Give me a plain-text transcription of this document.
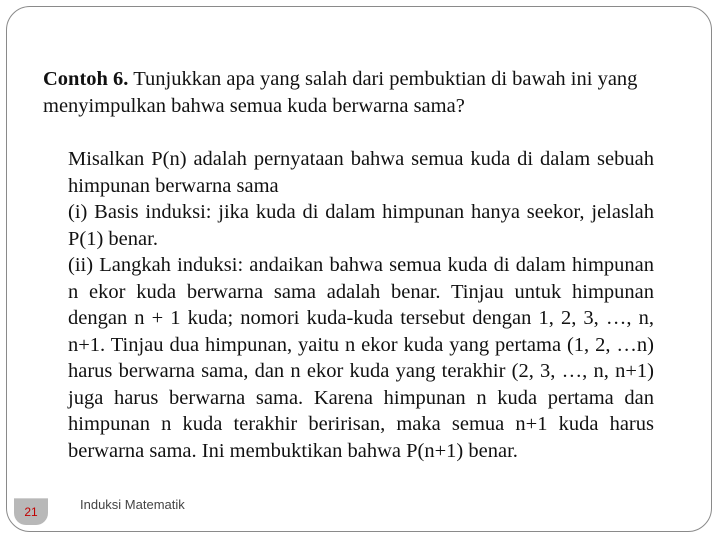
Contoh 6. Tunjukkan apa yang salah dari pembuktian di bawah ini yang menyimpulkan bahwa semua kuda berwarna sama?

Misalkan P(n) adalah pernyataan bahwa semua kuda di dalam sebuah himpunan berwarna sama

(i) Basis induksi: jika kuda di dalam himpunan hanya seekor, jelaslah P(1) benar.

(ii) Langkah induksi: andaikan bahwa semua kuda di dalam himpunan n ekor kuda berwarna sama adalah benar. Tinjau untuk himpunan dengan n + 1 kuda; nomori kuda-kuda tersebut dengan 1, 2, 3, …, n, n+1. Tinjau dua himpunan, yaitu n ekor kuda yang pertama (1, 2, …n) harus berwarna sama, dan n ekor kuda yang terakhir (2, 3, …, n, n+1) juga harus berwarna sama. Karena himpunan n kuda pertama dan himpunan n kuda terakhir beririsan, maka semua n+1 kuda harus berwarna sama. Ini membuktikan bahwa P(n+1) benar.

21	Induksi Matematik
